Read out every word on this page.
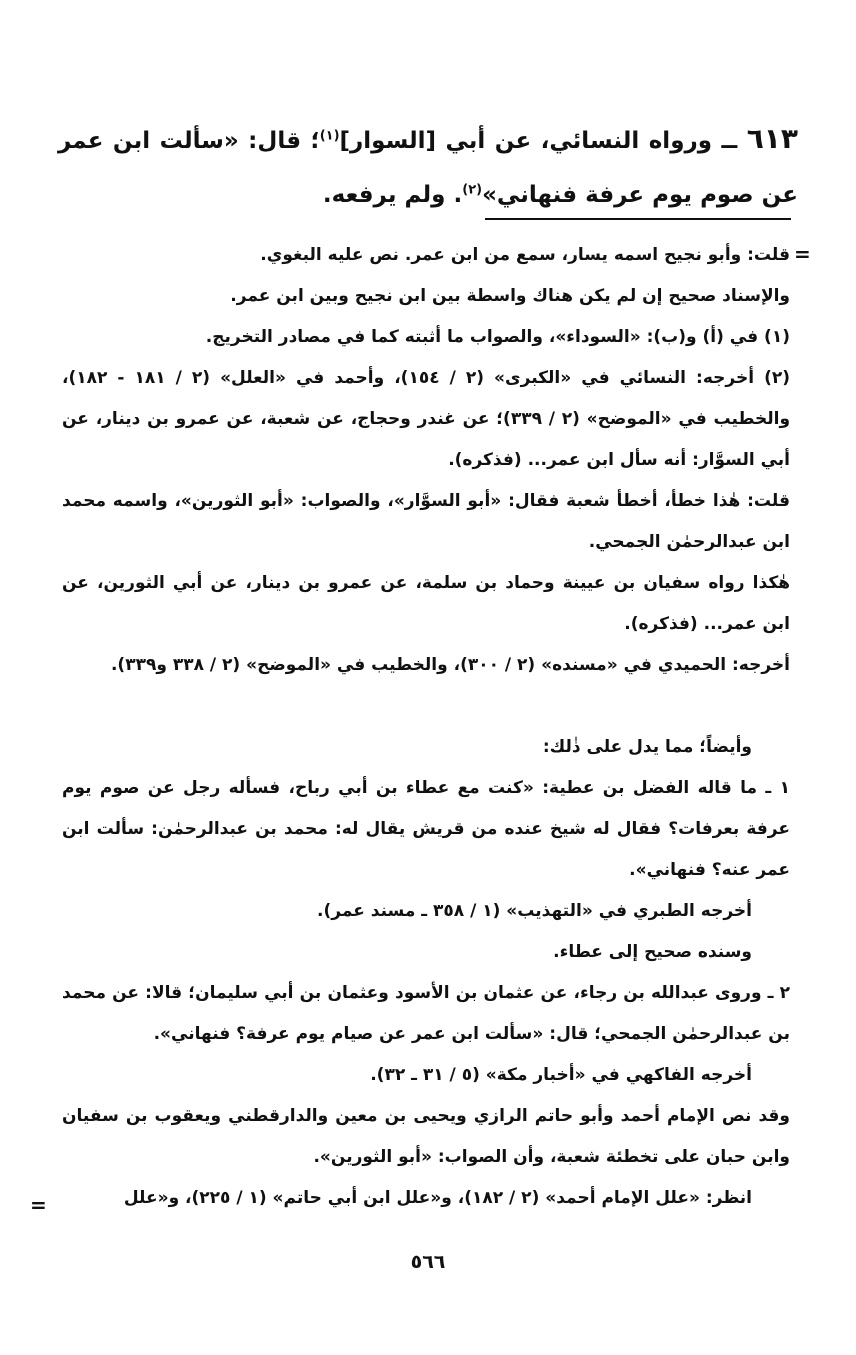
٦١٣ ــ ورواه النسائي، عن أبي [السوار]$^{(١)}$؛ قال: «سألت ابن عمر عن صوم يوم عرفة فنهاني»$^{(٢)}$. ولم يرفعه.

=

قلت: وأبو نجيح اسمه يسار، سمع من ابن عمر. نص عليه البغوي.

والإسناد صحيح إن لم يكن هناك واسطة بين ابن نجيح وبين ابن عمر.

(١) في (أ) و(ب): «السوداء»، والصواب ما أثبته كما في مصادر التخريج.

(٢) أخرجه: النسائي في «الكبرى» (٢ / ١٥٤)، وأحمد في «العلل» (٢ / ١٨١ - ١٨٢)، والخطيب في «الموضح» (٢ / ٣٣٩)؛ عن غندر وحجاج، عن شعبة، عن عمرو بن دينار، عن أبي السوَّار: أنه سأل ابن عمر... (فذكره).

قلت: هٰذا خطأ، أخطأ شعبة فقال: «أبو السوَّار»، والصواب: «أبو الثورين»، واسمه محمد ابن عبدالرحمٰن الجمحي.

هٰكذا رواه سفيان بن عيينة وحماد بن سلمة، عن عمرو بن دينار، عن أبي الثورين، عن ابن عمر... (فذكره).

أخرجه: الحميدي في «مسنده» (٢ / ٣٠٠)، والخطيب في «الموضح» (٢ / ٣٣٨ و٣٣٩).

وأيضاً؛ مما يدل على ذٰلك:

١ ـ ما قاله الفضل بن عطية: «كنت مع عطاء بن أبي رباح، فسأله رجل عن صوم يوم عرفة بعرفات؟ فقال له شيخ عنده من قريش يقال له: محمد بن عبدالرحمٰن: سألت ابن عمر عنه؟ فنهاني».

أخرجه الطبري في «التهذيب» (١ / ٣٥٨ ـ مسند عمر).

وسنده صحيح إلى عطاء.

٢ ـ وروى عبدالله بن رجاء، عن عثمان بن الأسود وعثمان بن أبي سليمان؛ قالا: عن محمد بن عبدالرحمٰن الجمحي؛ قال: «سألت ابن عمر عن صيام يوم عرفة؟ فنهاني».

أخرجه الفاكهي في «أخبار مكة» (٥ / ٣١ ـ ٣٢).

وقد نص الإمام أحمد وأبو حاتم الرازي ويحيى بن معين والدارقطني ويعقوب بن سفيان وابن حبان على تخطئة شعبة، وأن الصواب: «أبو الثورين».

انظر: «علل الإمام أحمد» (٢ / ١٨٢)، و«علل ابن أبي حاتم» (١ / ٢٢٥)، و«علل

=
٥٦٦
